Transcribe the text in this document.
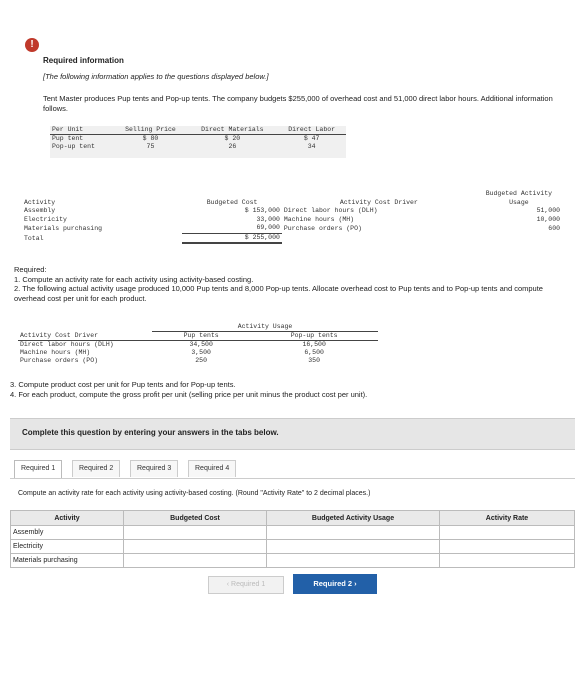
!
Required information
[The following information applies to the questions displayed below.]
Tent Master produces Pup tents and Pop-up tents. The company budgets $255,000 of overhead cost and 51,000 direct labor hours. Additional information follows.
Per Unit	Selling Price	Direct Materials	Direct Labor
Pup tent	$ 80	$ 20	$ 47
Pop-up tent	75	26	34
Activity	Budgeted Cost	Activity Cost Driver	Budgeted Activity Usage
Assembly	$ 153,000	Direct labor hours (DLH)	51,000
Electricity	33,000	Machine hours (MH)	10,000
Materials purchasing	69,000	Purchase orders (PO)	600
Total	$ 255,000		
Required:
1. Compute an activity rate for each activity using activity-based costing.
2. The following actual activity usage produced 10,000 Pup tents and 8,000 Pop-up tents. Allocate overhead cost to Pup tents and to Pop-up tents and compute overhead cost per unit for each product.
	Activity Usage	
Activity Cost Driver	Pup tents	Pop-up tents
Direct labor hours (DLH)	34,500	16,500
Machine hours (MH)	3,500	6,500
Purchase orders (PO)	250	350
3. Compute product cost per unit for Pup tents and for Pop-up tents.
4. For each product, compute the gross profit per unit (selling price per unit minus the product cost per unit).
Complete this question by entering your answers in the tabs below.
Required 1	Required 2	Required 3	Required 4
Compute an activity rate for each activity using activity-based costing. (Round "Activity Rate" to 2 decimal places.)
Activity	Budgeted Cost	Budgeted Activity Usage	Activity Rate
Assembly			
Electricity			
Materials purchasing			
‹ Required 1	Required 2 ›
